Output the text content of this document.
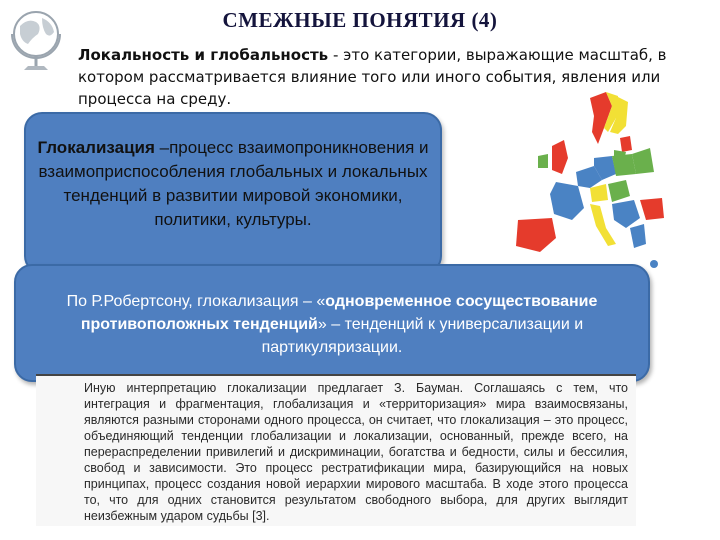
СМЕЖНЫЕ ПОНЯТИЯ (4)
Локальность и глобальность - это категории, выражающие масштаб, в котором рассматривается влияние того или иного события, явления или процесса на среду.
Глокализация –процесс взаимопроникновения и взаимоприспособления глобальных и локальных тенденций в развитии мировой экономики, политики, культуры.
По Р.Робертсону, глокализация – «одновременное сосуществование противоположных тенденций» – тенденций к универсализации и партикуляризации.
Иную интерпретацию глокализации предлагает З. Бауман. Соглашаясь с тем, что интеграция и фрагментация, глобализация и «территоризация» мира взаимосвязаны, являются разными сторонами одного процесса, он считает, что глокализация – это процесс, объединяющий тенденции глобализации и локализации, основанный, прежде всего, на перераспределении привилегий и дискриминации, богатства и бедности, силы и бессилия, свобод и зависимости. Это процесс рестратификации мира, базирующийся на новых принципах, процесс создания новой иерархии мирового масштаба. В ходе этого процесса то, что для одних становится результатом свободного выбора, для других выглядит неизбежным ударом судьбы [3].
